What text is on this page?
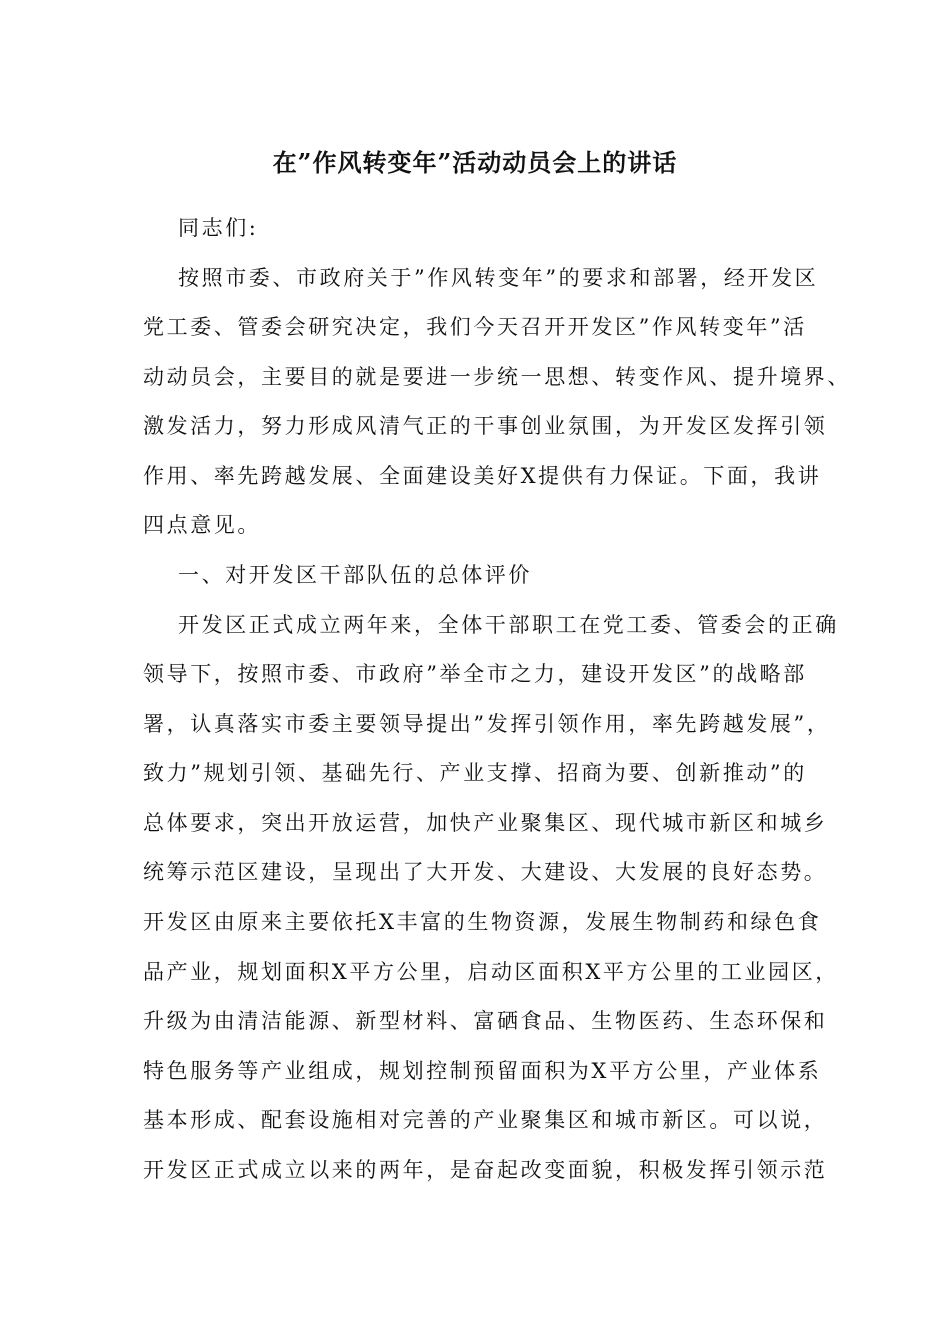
在”作风转变年”活动动员会上的讲话
同志们:
按照市委、市政府关于”作风转变年”的要求和部署，经开发区
党工委、管委会研究决定，我们今天召开开发区”作风转变年”活
动动员会，主要目的就是要进一步统一思想、转变作风、提升境界、
激发活力，努力形成风清气正的干事创业氛围，为开发区发挥引领
作用、率先跨越发展、全面建设美好X提供有力保证。下面，我讲
四点意见。
一、对开发区干部队伍的总体评价
开发区正式成立两年来，全体干部职工在党工委、管委会的正确
领导下，按照市委、市政府”举全市之力，建设开发区”的战略部
署，认真落实市委主要领导提出”发挥引领作用，率先跨越发展”，
致力”规划引领、基础先行、产业支撑、招商为要、创新推动”的
总体要求，突出开放运营，加快产业聚集区、现代城市新区和城乡
统筹示范区建设，呈现出了大开发、大建设、大发展的良好态势。
开发区由原来主要依托X丰富的生物资源，发展生物制药和绿色食
品产业，规划面积X平方公里，启动区面积X平方公里的工业园区，
升级为由清洁能源、新型材料、富硒食品、生物医药、生态环保和
特色服务等产业组成，规划控制预留面积为X平方公里，产业体系
基本形成、配套设施相对完善的产业聚集区和城市新区。可以说，
开发区正式成立以来的两年，是奋起改变面貌，积极发挥引领示范
